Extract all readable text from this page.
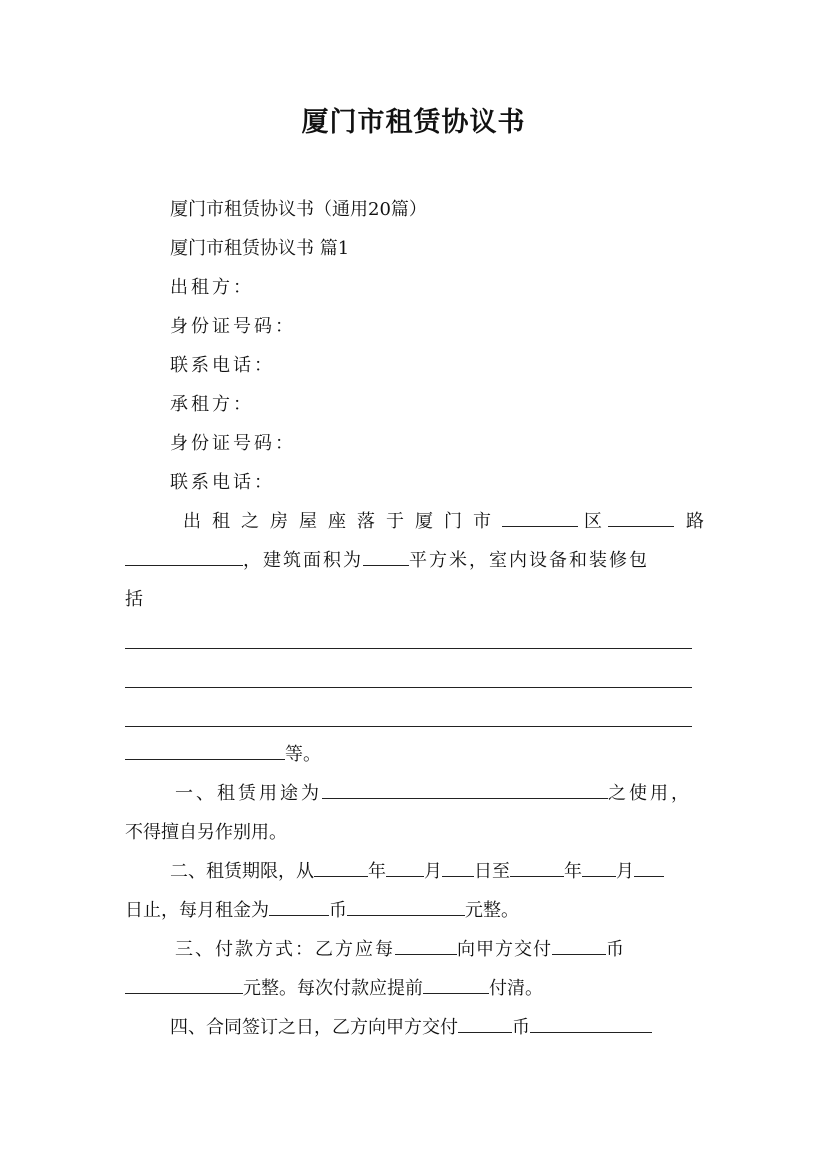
厦门市租赁协议书
厦门市租赁协议书（通用20篇）
厦门市租赁协议书 篇1
出租方：
身份证号码：
联系电话：
承租方：
身份证号码：
联系电话：
出租之房屋座落于厦门市	区	路
，建筑面积为	平方米，室内设备和装修包
括
等。
一、租赁用途为	之使用，
不得擅自另作别用。
二、租赁期限，从	年 月 日至	年 月
日止，每月租金为	币	元整。
三、付款方式：乙方应每	向甲方交付	币
元整。每次付款应提前	付清。
四、合同签订之日，乙方向甲方交付	币
